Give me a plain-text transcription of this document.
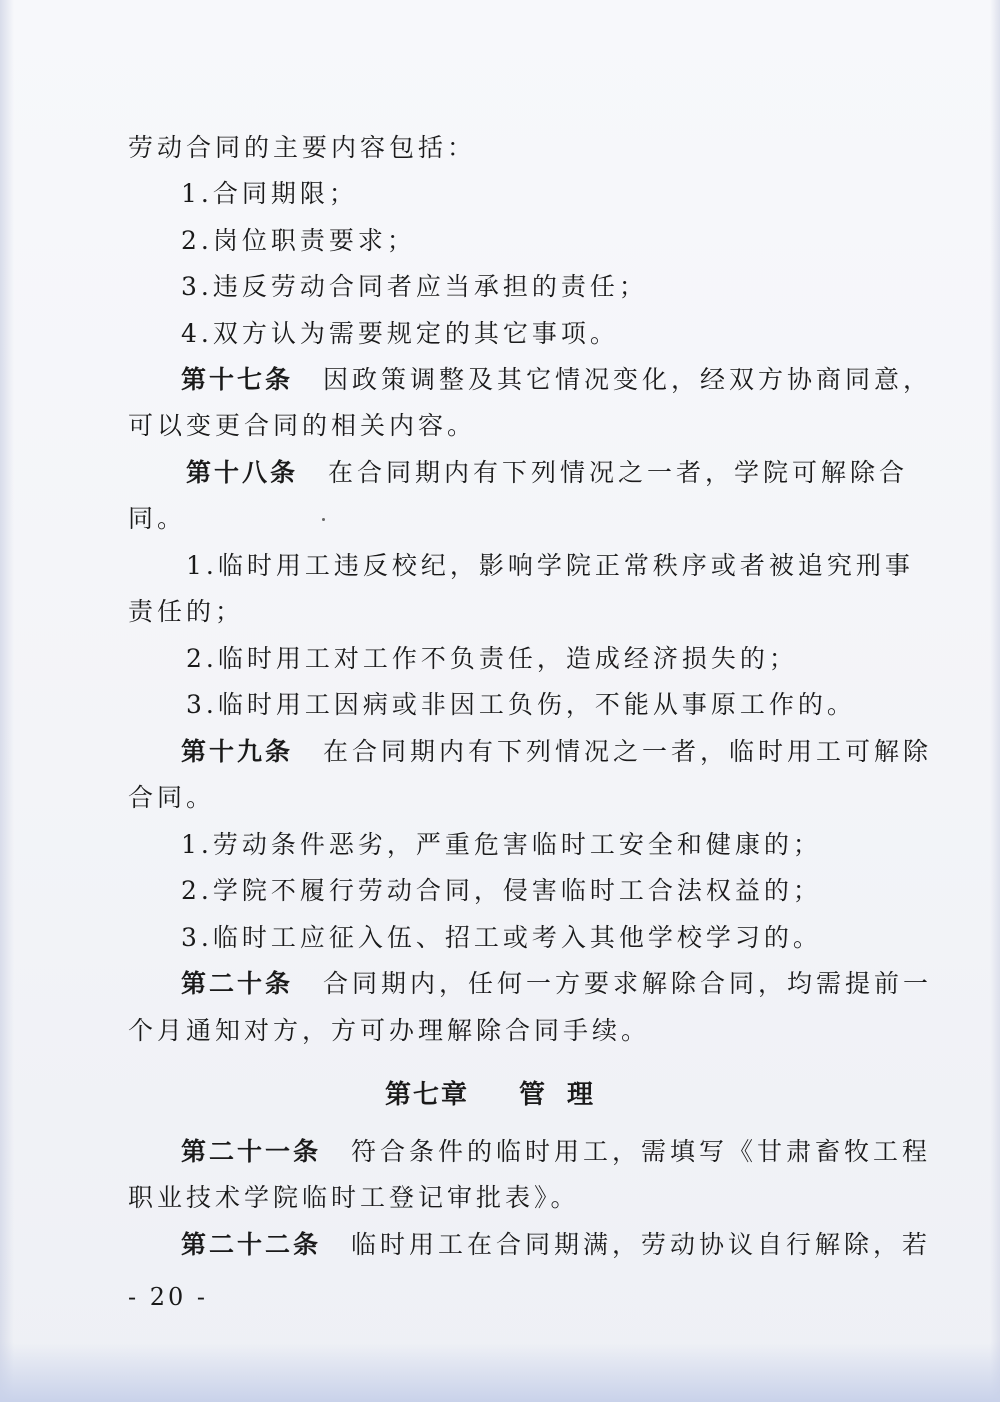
劳动合同的主要内容包括：
1.合同期限；
2.岗位职责要求；
3.违反劳动合同者应当承担的责任；
4.双方认为需要规定的其它事项。
第十七条 因政策调整及其它情况变化，经双方协商同意，
可以变更合同的相关内容。
第十八条 在合同期内有下列情况之一者，学院可解除合
同。
1.临时用工违反校纪，影响学院正常秩序或者被追究刑事
责任的；
2.临时用工对工作不负责任，造成经济损失的；
3.临时用工因病或非因工负伤，不能从事原工作的。
第十九条 在合同期内有下列情况之一者，临时用工可解除
合同。
1.劳动条件恶劣，严重危害临时工安全和健康的；
2.学院不履行劳动合同，侵害临时工合法权益的；
3.临时工应征入伍、招工或考入其他学校学习的。
第二十条 合同期内，任何一方要求解除合同，均需提前一
个月通知对方，方可办理解除合同手续。
第七章 管理
第二十一条 符合条件的临时用工，需填写《甘肃畜牧工程
职业技术学院临时工登记审批表》。
第二十二条 临时用工在合同期满，劳动协议自行解除，若
- 20 -
